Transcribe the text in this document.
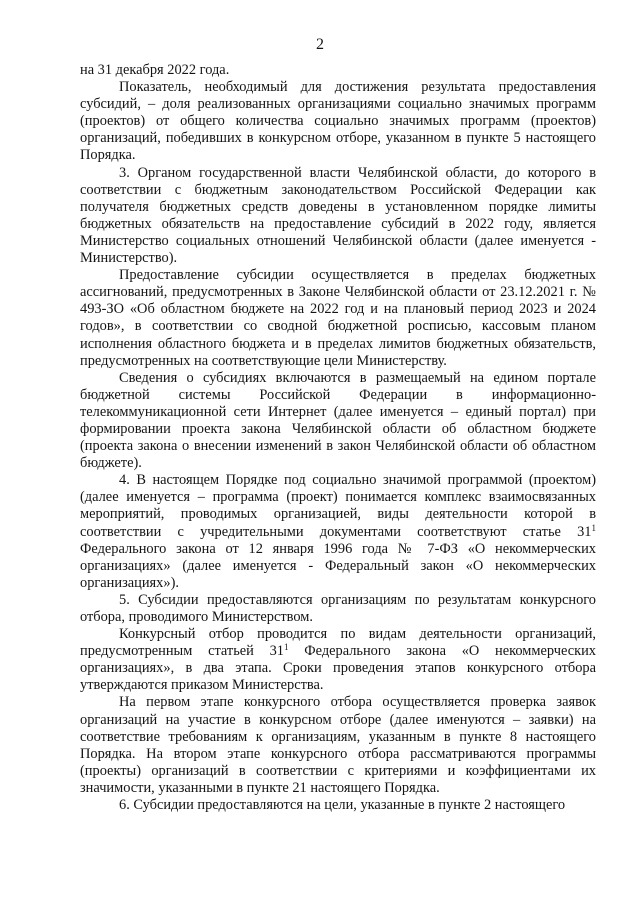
2

на 31 декабря 2022 года.

Показатель, необходимый для достижения результата предоставления субсидий, – доля реализованных организациями социально значимых программ (проектов) от общего количества социально значимых программ (проектов) организаций, победивших в конкурсном отборе, указанном в пункте 5 настоящего Порядка.

3. Органом государственной власти Челябинской области, до которого в соответствии с бюджетным законодательством Российской Федерации как получателя бюджетных средств доведены в установленном порядке лимиты бюджетных обязательств на предоставление субсидий в 2022 году, является Министерство социальных отношений Челябинской области (далее именуется - Министерство).

Предоставление субсидии осуществляется в пределах бюджетных ассигнований, предусмотренных в Законе Челябинской области от 23.12.2021 г. № 493-ЗО «Об областном бюджете на 2022 год и на плановый период 2023 и 2024 годов», в соответствии со сводной бюджетной росписью, кассовым планом исполнения областного бюджета и в пределах лимитов бюджетных обязательств, предусмотренных на соответствующие цели Министерству.

Сведения о субсидиях включаются в размещаемый на едином портале бюджетной системы Российской Федерации в информационно-телекоммуникационной сети Интернет (далее именуется – единый портал) при формировании проекта закона Челябинской области об областном бюджете (проекта закона о внесении изменений в закон Челябинской области об областном бюджете).

4. В настоящем Порядке под социально значимой программой (проектом) (далее именуется – программа (проект) понимается комплекс взаимосвязанных мероприятий, проводимых организацией, виды деятельности которой в соответствии с учредительными документами соответствуют статье $31^1$ Федерального закона от 12 января 1996 года № 7-ФЗ «О некоммерческих организациях» (далее именуется - Федеральный закон «О некоммерческих организациях»).

5. Субсидии предоставляются организациям по результатам конкурсного отбора, проводимого Министерством.

Конкурсный отбор проводится по видам деятельности организаций, предусмотренным статьей $31^1$ Федерального закона «О некоммерческих организациях», в два этапа. Сроки проведения этапов конкурсного отбора утверждаются приказом Министерства.

На первом этапе конкурсного отбора осуществляется проверка заявок организаций на участие в конкурсном отборе (далее именуются – заявки) на соответствие требованиям к организациям, указанным в пункте 8 настоящего Порядка. На втором этапе конкурсного отбора рассматриваются программы (проекты) организаций в соответствии с критериями и коэффициентами их значимости, указанными в пункте 21 настоящего Порядка.

6. Субсидии предоставляются на цели, указанные в пункте 2 настоящего
